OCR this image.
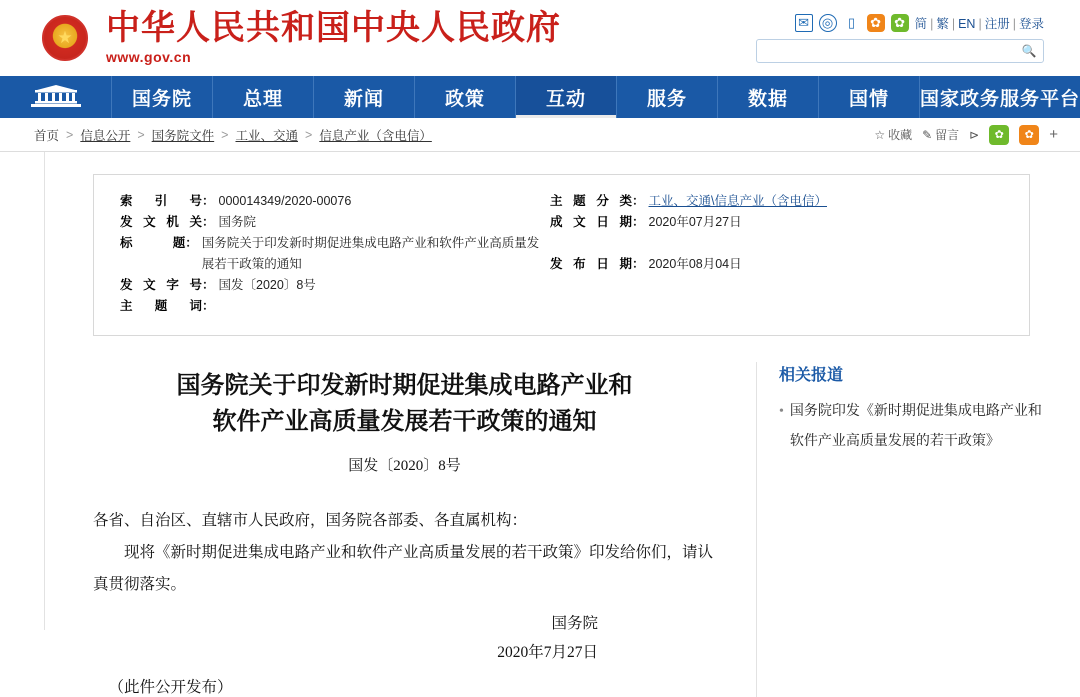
★
中华人民共和国中央人民政府
www.gov.cn
✉ ◎	▯	✿ ✿ 简 | 繁 | EN | 注册 | 登录
🔍
国务院	总理	新闻	政策	互动	服务	数据	国情	国家政务服务平台
首页 > 信息公开 > 国务院文件 > 工业、交通 > 信息产业（含电信）	☆ 收藏 ✎ 留言 ⊳	✿	✿	+
索 引 号 ： 000014349/2020-00076
发文机关 ： 国务院
标 题 ： 国务院关于印发新时期促进集成电路产业和软件产业高质量发展若干政策的通知
发文字号 ： 国发〔2020〕8号
主 题 词 ：
主题分类 ： 工业、交通\信息产业（含电信）
成文日期 ： 2020年07月27日

发布日期 ： 2020年08月04日
国务院关于印发新时期促进集成电路产业和
软件产业高质量发展若干政策的通知
国发〔2020〕8号

各省、自治区、直辖市人民政府，国务院各部委、各直属机构：

现将《新时期促进集成电路产业和软件产业高质量发展的若干政策》印发给你们，请认真贯彻落实。

国务院
2020年7月27日
（此件公开发布）
相关报道
• 国务院印发《新时期促进集成电路产业和软件产业高质量发展的若干政策》
